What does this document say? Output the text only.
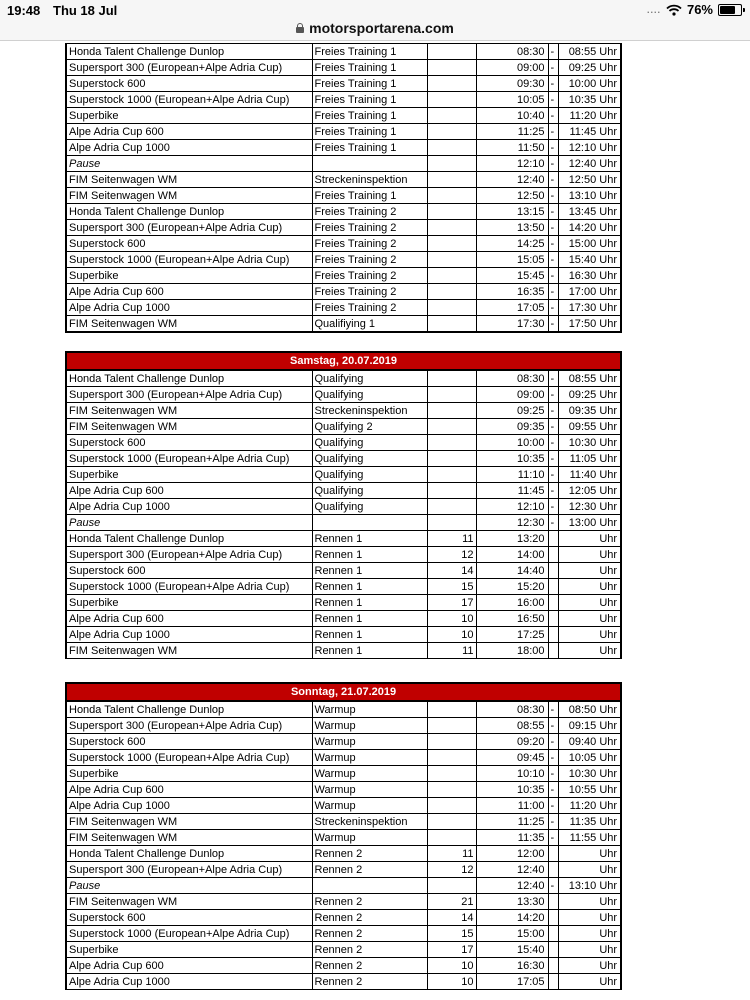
19:48 Thu 18 Jul	.... 76%
motorsportarena.com
Honda Talent Challenge Dunlop	Freies Training 1		08:30	-	08:55 Uhr
Supersport 300 (European+Alpe Adria Cup)	Freies Training 1		09:00	-	09:25 Uhr
Superstock 600	Freies Training 1		09:30	-	10:00 Uhr
Superstock 1000 (European+Alpe Adria Cup)	Freies Training 1		10:05	-	10:35 Uhr
Superbike	Freies Training 1		10:40	-	11:20 Uhr
Alpe Adria Cup 600	Freies Training 1		11:25	-	11:45 Uhr
Alpe Adria Cup 1000	Freies Training 1		11:50	-	12:10 Uhr
Pause			12:10	-	12:40 Uhr
FIM Seitenwagen WM	Streckeninspektion		12:40	-	12:50 Uhr
FIM Seitenwagen WM	Freies Training 1		12:50	-	13:10 Uhr
Honda Talent Challenge Dunlop	Freies Training 2		13:15	-	13:45 Uhr
Supersport 300 (European+Alpe Adria Cup)	Freies Training 2		13:50	-	14:20 Uhr
Superstock 600	Freies Training 2		14:25	-	15:00 Uhr
Superstock 1000 (European+Alpe Adria Cup)	Freies Training 2		15:05	-	15:40 Uhr
Superbike	Freies Training 2		15:45	-	16:30 Uhr
Alpe Adria Cup 600	Freies Training 2		16:35	-	17:00 Uhr
Alpe Adria Cup 1000	Freies Training 2		17:05	-	17:30 Uhr
FIM Seitenwagen WM	Qualifiying 1		17:30	-	17:50 Uhr
Samstag, 20.07.2019					
Honda Talent Challenge Dunlop	Qualifying		08:30	-	08:55 Uhr
Supersport 300 (European+Alpe Adria Cup)	Qualifying		09:00	-	09:25 Uhr
FIM Seitenwagen WM	Streckeninspektion		09:25	-	09:35 Uhr
FIM Seitenwagen WM	Qualifying 2		09:35	-	09:55 Uhr
Superstock 600	Qualifying		10:00	-	10:30 Uhr
Superstock 1000 (European+Alpe Adria Cup)	Qualifying		10:35	-	11:05 Uhr
Superbike	Qualifying		11:10	-	11:40 Uhr
Alpe Adria Cup 600	Qualifying		11:45	-	12:05 Uhr
Alpe Adria Cup 1000	Qualifying		12:10	-	12:30 Uhr
Pause			12:30	-	13:00 Uhr
Honda Talent Challenge Dunlop	Rennen 1	11	13:20		Uhr
Supersport 300 (European+Alpe Adria Cup)	Rennen 1	12	14:00		Uhr
Superstock 600	Rennen 1	14	14:40		Uhr
Superstock 1000 (European+Alpe Adria Cup)	Rennen 1	15	15:20		Uhr
Superbike	Rennen 1	17	16:00		Uhr
Alpe Adria Cup 600	Rennen 1	10	16:50		Uhr
Alpe Adria Cup 1000	Rennen 1	10	17:25		Uhr
FIM Seitenwagen WM	Rennen 1	11	18:00		Uhr
Sonntag, 21.07.2019					
Honda Talent Challenge Dunlop	Warmup		08:30	-	08:50 Uhr
Supersport 300 (European+Alpe Adria Cup)	Warmup		08:55	-	09:15 Uhr
Superstock 600	Warmup		09:20	-	09:40 Uhr
Superstock 1000 (European+Alpe Adria Cup)	Warmup		09:45	-	10:05 Uhr
Superbike	Warmup		10:10	-	10:30 Uhr
Alpe Adria Cup 600	Warmup		10:35	-	10:55 Uhr
Alpe Adria Cup 1000	Warmup		11:00	-	11:20 Uhr
FIM Seitenwagen WM	Streckeninspektion		11:25	-	11:35 Uhr
FIM Seitenwagen WM	Warmup		11:35	-	11:55 Uhr
Honda Talent Challenge Dunlop	Rennen 2	11	12:00		Uhr
Supersport 300 (European+Alpe Adria Cup)	Rennen 2	12	12:40		Uhr
Pause			12:40	-	13:10 Uhr
FIM Seitenwagen WM	Rennen 2	21	13:30		Uhr
Superstock 600	Rennen 2	14	14:20		Uhr
Superstock 1000 (European+Alpe Adria Cup)	Rennen 2	15	15:00		Uhr
Superbike	Rennen 2	17	15:40		Uhr
Alpe Adria Cup 600	Rennen 2	10	16:30		Uhr
Alpe Adria Cup 1000	Rennen 2	10	17:05		Uhr
